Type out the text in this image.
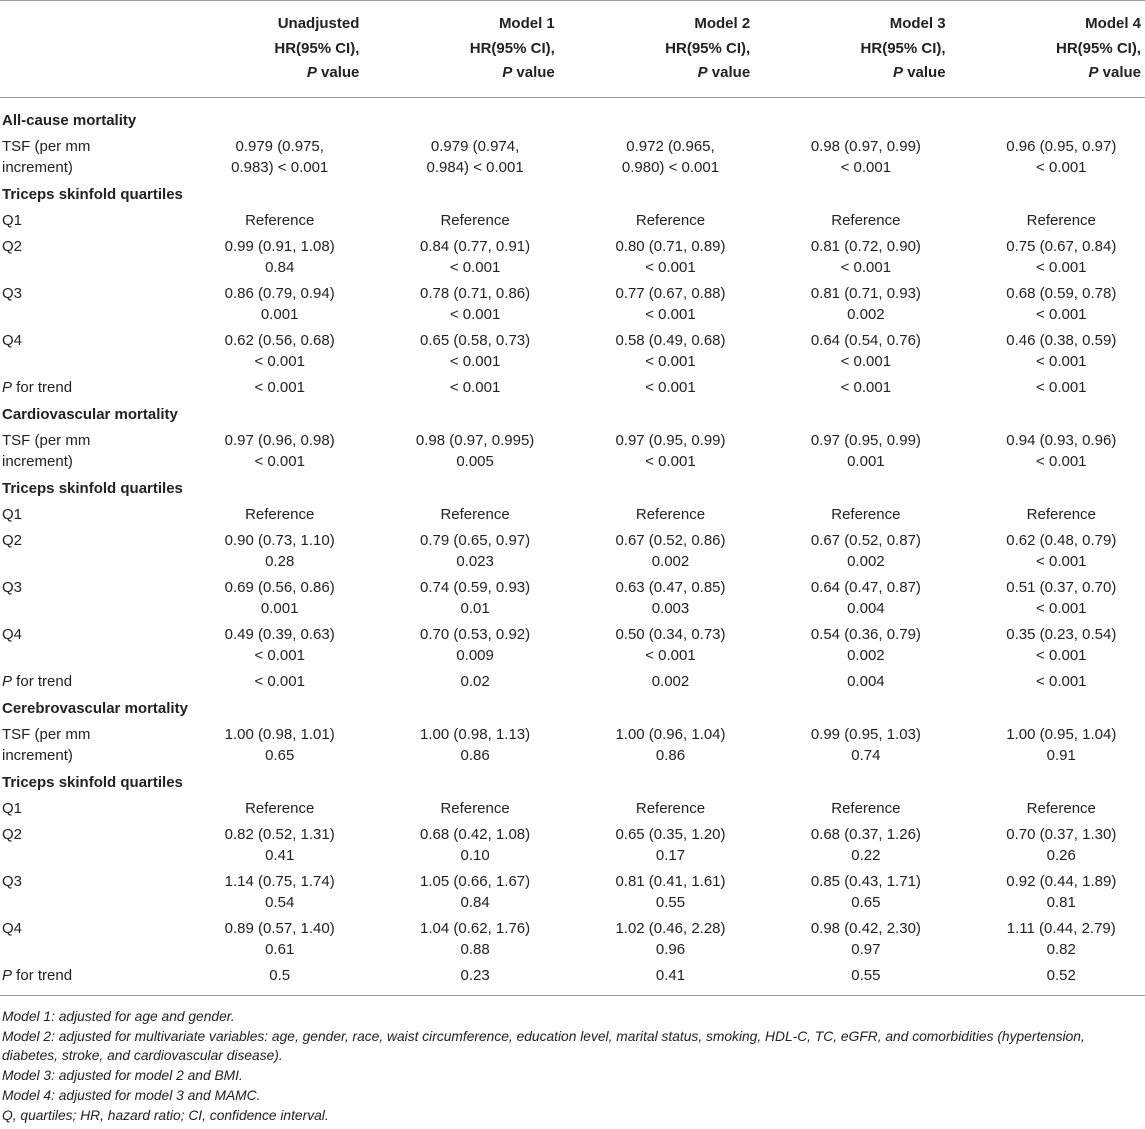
	Unadjusted
HR(95% CI),
P value	Model 1
HR(95% CI),
P value	Model 2
HR(95% CI),
P value	Model 3
HR(95% CI),
P value	Model 4
HR(95% CI),
P value

All-cause mortality					

TSF (per mm
increment)	0.979 (0.975,
0.983) < 0.001	0.979 (0.974,
0.984) < 0.001	0.972 (0.965,
0.980) < 0.001	0.98 (0.97, 0.99)
< 0.001	0.96 (0.95, 0.97)
< 0.001

Triceps skinfold quartiles					

Q1	Reference	Reference	Reference	Reference	Reference

Q2	0.99 (0.91, 1.08)
0.84	0.84 (0.77, 0.91)
< 0.001	0.80 (0.71, 0.89)
< 0.001	0.81 (0.72, 0.90)
< 0.001	0.75 (0.67, 0.84)
< 0.001

Q3	0.86 (0.79, 0.94)
0.001	0.78 (0.71, 0.86)
< 0.001	0.77 (0.67, 0.88)
< 0.001	0.81 (0.71, 0.93)
0.002	0.68 (0.59, 0.78)
< 0.001

Q4	0.62 (0.56, 0.68)
< 0.001	0.65 (0.58, 0.73)
< 0.001	0.58 (0.49, 0.68)
< 0.001	0.64 (0.54, 0.76)
< 0.001	0.46 (0.38, 0.59)
< 0.001

P for trend	< 0.001	< 0.001	< 0.001	< 0.001	< 0.001

Cardiovascular mortality					

TSF (per mm
increment)	0.97 (0.96, 0.98)
< 0.001	0.98 (0.97, 0.995)
0.005	0.97 (0.95, 0.99)
< 0.001	0.97 (0.95, 0.99)
0.001	0.94 (0.93, 0.96)
< 0.001

Triceps skinfold quartiles					

Q1	Reference	Reference	Reference	Reference	Reference

Q2	0.90 (0.73, 1.10)
0.28	0.79 (0.65, 0.97)
0.023	0.67 (0.52, 0.86)
0.002	0.67 (0.52, 0.87)
0.002	0.62 (0.48, 0.79)
< 0.001

Q3	0.69 (0.56, 0.86)
0.001	0.74 (0.59, 0.93)
0.01	0.63 (0.47, 0.85)
0.003	0.64 (0.47, 0.87)
0.004	0.51 (0.37, 0.70)
< 0.001

Q4	0.49 (0.39, 0.63)
< 0.001	0.70 (0.53, 0.92)
0.009	0.50 (0.34, 0.73)
< 0.001	0.54 (0.36, 0.79)
0.002	0.35 (0.23, 0.54)
< 0.001

P for trend	< 0.001	0.02	0.002	0.004	< 0.001

Cerebrovascular mortality					

TSF (per mm
increment)	1.00 (0.98, 1.01)
0.65	1.00 (0.98, 1.13)
0.86	1.00 (0.96, 1.04)
0.86	0.99 (0.95, 1.03)
0.74	1.00 (0.95, 1.04)
0.91

Triceps skinfold quartiles					

Q1	Reference	Reference	Reference	Reference	Reference

Q2	0.82 (0.52, 1.31)
0.41	0.68 (0.42, 1.08)
0.10	0.65 (0.35, 1.20)
0.17	0.68 (0.37, 1.26)
0.22	0.70 (0.37, 1.30)
0.26

Q3	1.14 (0.75, 1.74)
0.54	1.05 (0.66, 1.67)
0.84	0.81 (0.41, 1.61)
0.55	0.85 (0.43, 1.71)
0.65	0.92 (0.44, 1.89)
0.81

Q4	0.89 (0.57, 1.40)
0.61	1.04 (0.62, 1.76)
0.88	1.02 (0.46, 2.28)
0.96	0.98 (0.42, 2.30)
0.97	1.11 (0.44, 2.79)
0.82

P for trend	0.5	0.23	0.41	0.55	0.52
Model 1: adjusted for age and gender.
Model 2: adjusted for multivariate variables: age, gender, race, waist circumference, education level, marital status, smoking, HDL-C, TC, eGFR, and comorbidities (hypertension, diabetes, stroke, and cardiovascular disease).
Model 3: adjusted for model 2 and BMI.
Model 4: adjusted for model 3 and MAMC.
Q, quartiles; HR, hazard ratio; CI, confidence interval.
